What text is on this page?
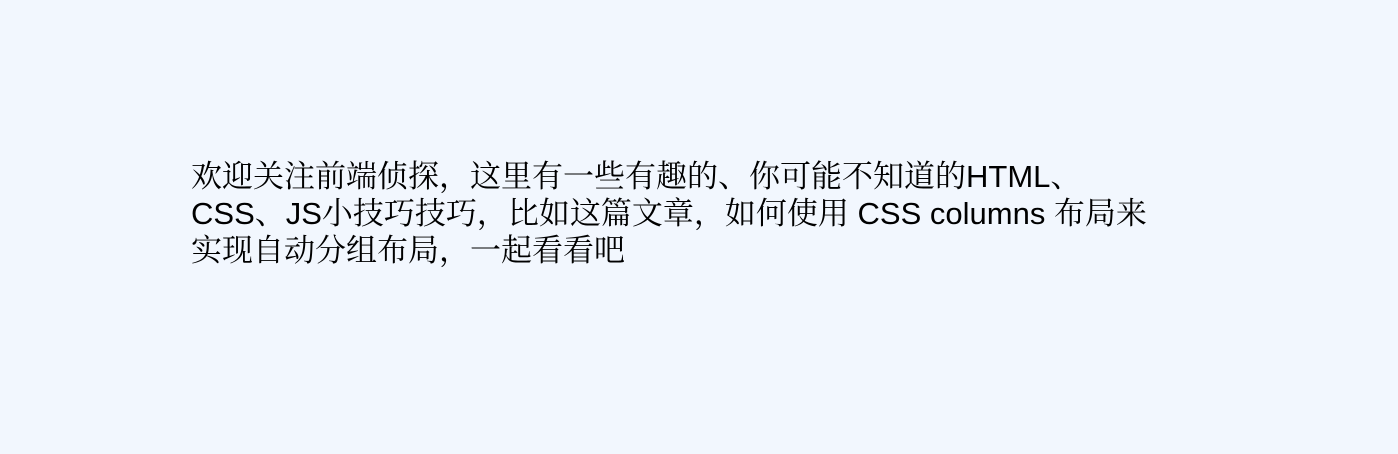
欢迎关注前端侦探，这里有一些有趣的、你可能不知道的HTML、
CSS、JS小技巧技巧，比如这篇文章，如何使用 CSS columns 布局来
实现自动分组布局，一起看看吧
